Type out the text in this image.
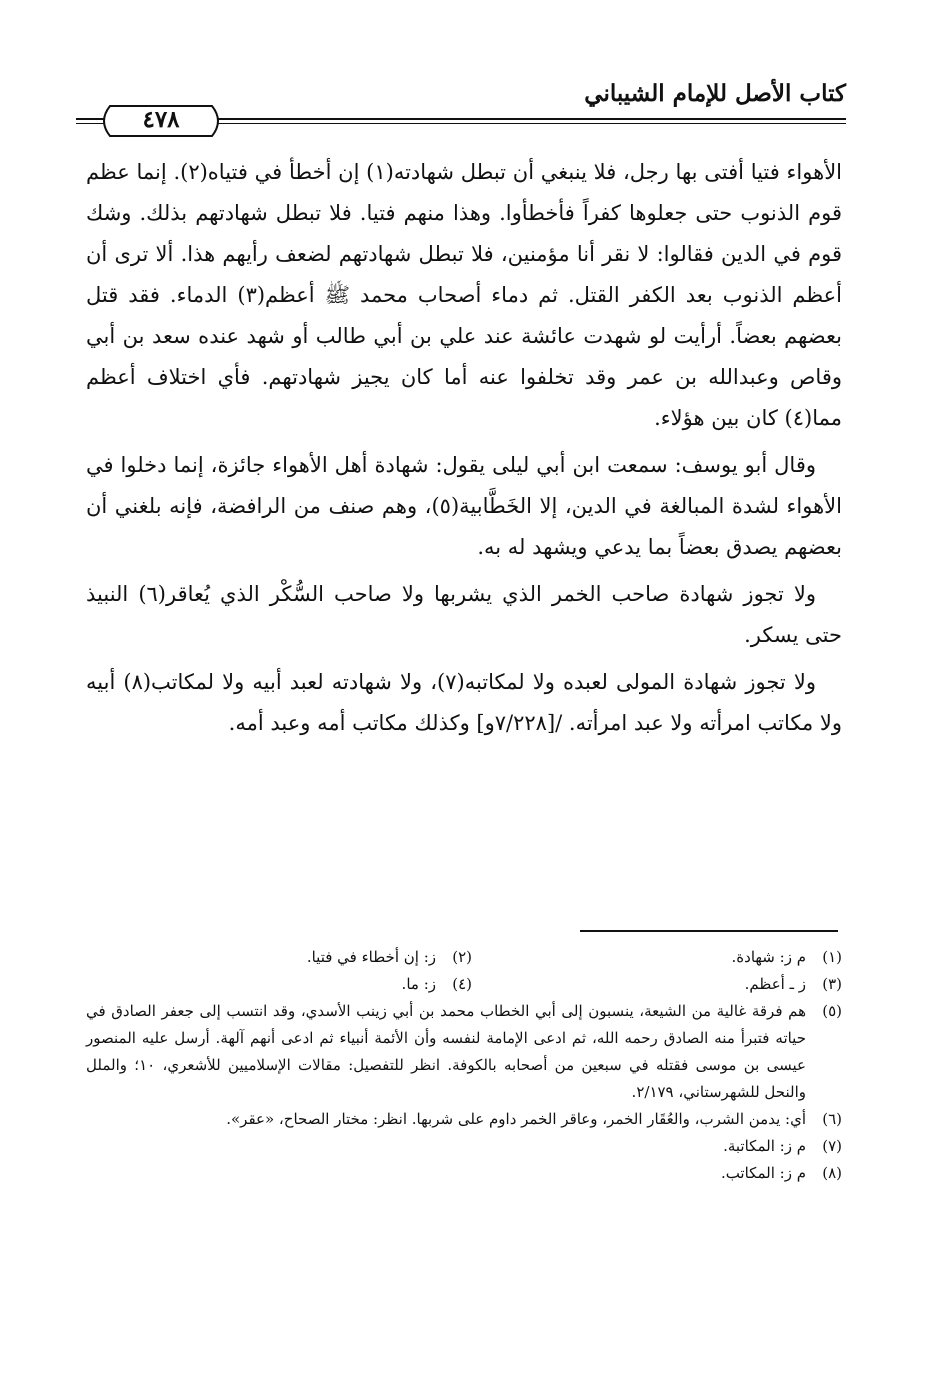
كتاب الأصل للإمام الشيباني
٤٧٨

الأهواء فتيا أفتى بها رجل، فلا ينبغي أن تبطل شهادته(١) إن أخطأ في فتياه(٢). إنما عظم قوم الذنوب حتى جعلوها كفراً فأخطأوا. وهذا منهم فتيا. فلا تبطل شهادتهم بذلك. وشك قوم في الدين فقالوا: لا نقر أنا مؤمنين، فلا تبطل شهادتهم لضعف رأيهم هذا. ألا ترى أن أعظم الذنوب بعد الكفر القتل. ثم دماء أصحاب محمد ﷺ أعظم(٣) الدماء. فقد قتل بعضهم بعضاً. أرأيت لو شهدت عائشة عند علي بن أبي طالب أو شهد عنده سعد بن أبي وقاص وعبدالله بن عمر وقد تخلفوا عنه أما كان يجيز شهادتهم. فأي اختلاف أعظم مما(٤) كان بين هؤلاء.

وقال أبو يوسف: سمعت ابن أبي ليلى يقول: شهادة أهل الأهواء جائزة، إنما دخلوا في الأهواء لشدة المبالغة في الدين، إلا الخَطَّابية(٥)، وهم صنف من الرافضة، فإنه بلغني أن بعضهم يصدق بعضاً بما يدعي ويشهد له به.

ولا تجوز شهادة صاحب الخمر الذي يشربها ولا صاحب السُّكْر الذي يُعاقر(٦) النبيذ حتى يسكر.

ولا تجوز شهادة المولى لعبده ولا لمكاتبه(٧)، ولا شهادته لعبد أبيه ولا لمكاتب(٨) أبيه ولا مكاتب امرأته ولا عبد امرأته. /[٧/٢٢٨و] وكذلك مكاتب أمه وعبد أمه.

(١)
م ز: شهادة.
(٢)
ز: إن أخطاء في فتيا.
(٣)
ز ـ أعظم.
(٤)
ز: ما.
(٥)
هم فرقة غالية من الشيعة، ينسبون إلى أبي الخطاب محمد بن أبي زينب الأسدي، وقد انتسب إلى جعفر الصادق في حياته فتبرأ منه الصادق رحمه الله، ثم ادعى الإمامة لنفسه وأن الأئمة أنبياء ثم ادعى أنهم آلهة. أرسل عليه المنصور عيسى بن موسى فقتله في سبعين من أصحابه بالكوفة. انظر للتفصيل: مقالات الإسلاميين للأشعري، ١٠؛ والملل والنحل للشهرستاني، ٢/١٧٩.
(٦)
أي: يدمن الشرب، والعُقَار الخمر، وعاقر الخمر داوم على شربها. انظر: مختار الصحاح، «عقر».
(٧)
م ز: المكاتبة.
(٨)
م ز: المكاتب.
